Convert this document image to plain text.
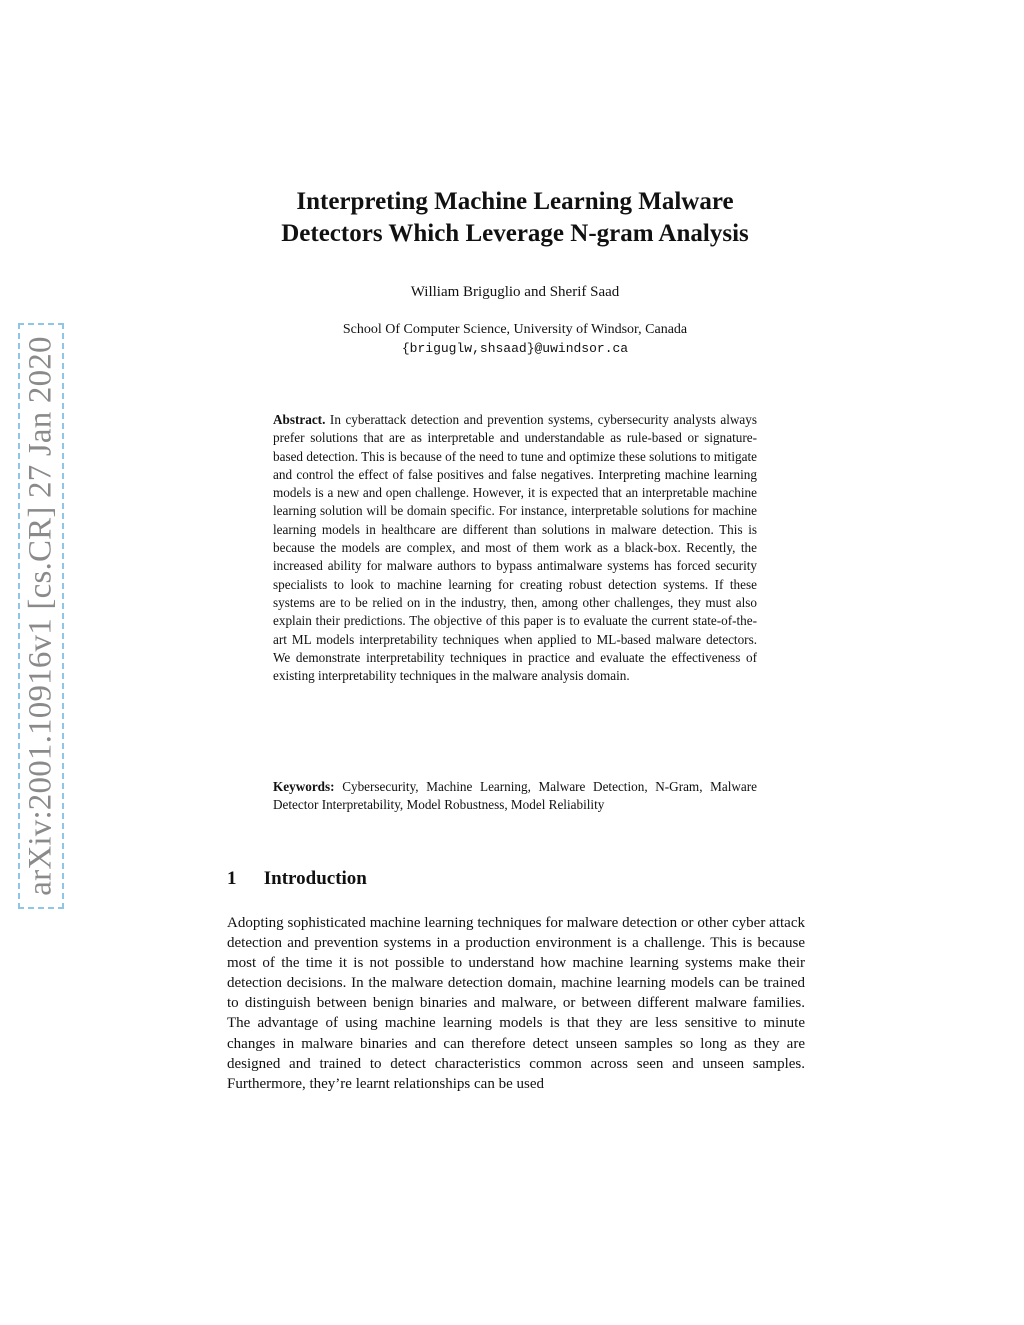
arXiv:2001.10916v1 [cs.CR] 27 Jan 2020
Interpreting Machine Learning Malware
Detectors Which Leverage N-gram Analysis
William Briguglio and Sherif Saad
School Of Computer Science, University of Windsor, Canada
{briguglw,shsaad}@uwindsor.ca
Abstract. In cyberattack detection and prevention systems, cybersecurity analysts always prefer solutions that are as interpretable and understandable as rule-based or signature-based detection. This is because of the need to tune and optimize these solutions to mitigate and control the effect of false positives and false negatives. Interpreting machine learning models is a new and open challenge. However, it is expected that an interpretable machine learning solution will be domain specific. For instance, interpretable solutions for machine learning models in healthcare are different than solutions in malware detection. This is because the models are complex, and most of them work as a black-box. Recently, the increased ability for malware authors to bypass antimalware systems has forced security specialists to look to machine learning for creating robust detection systems. If these systems are to be relied on in the industry, then, among other challenges, they must also explain their predictions. The objective of this paper is to evaluate the current state-of-the-art ML models interpretability techniques when applied to ML-based malware detectors. We demonstrate interpretability techniques in practice and evaluate the effectiveness of existing interpretability techniques in the malware analysis domain.
Keywords: Cybersecurity, Machine Learning, Malware Detection, N-Gram, Malware Detector Interpretability, Model Robustness, Model Reliability
1 Introduction
Adopting sophisticated machine learning techniques for malware detection or other cyber attack detection and prevention systems in a production environment is a challenge. This is because most of the time it is not possible to understand how machine learning systems make their detection decisions. In the malware detection domain, machine learning models can be trained to distinguish between benign binaries and malware, or between different malware families. The advantage of using machine learning models is that they are less sensitive to minute changes in malware binaries and can therefore detect unseen samples so long as they are designed and trained to detect characteristics common across seen and unseen samples. Furthermore, they’re learnt relationships can be used
